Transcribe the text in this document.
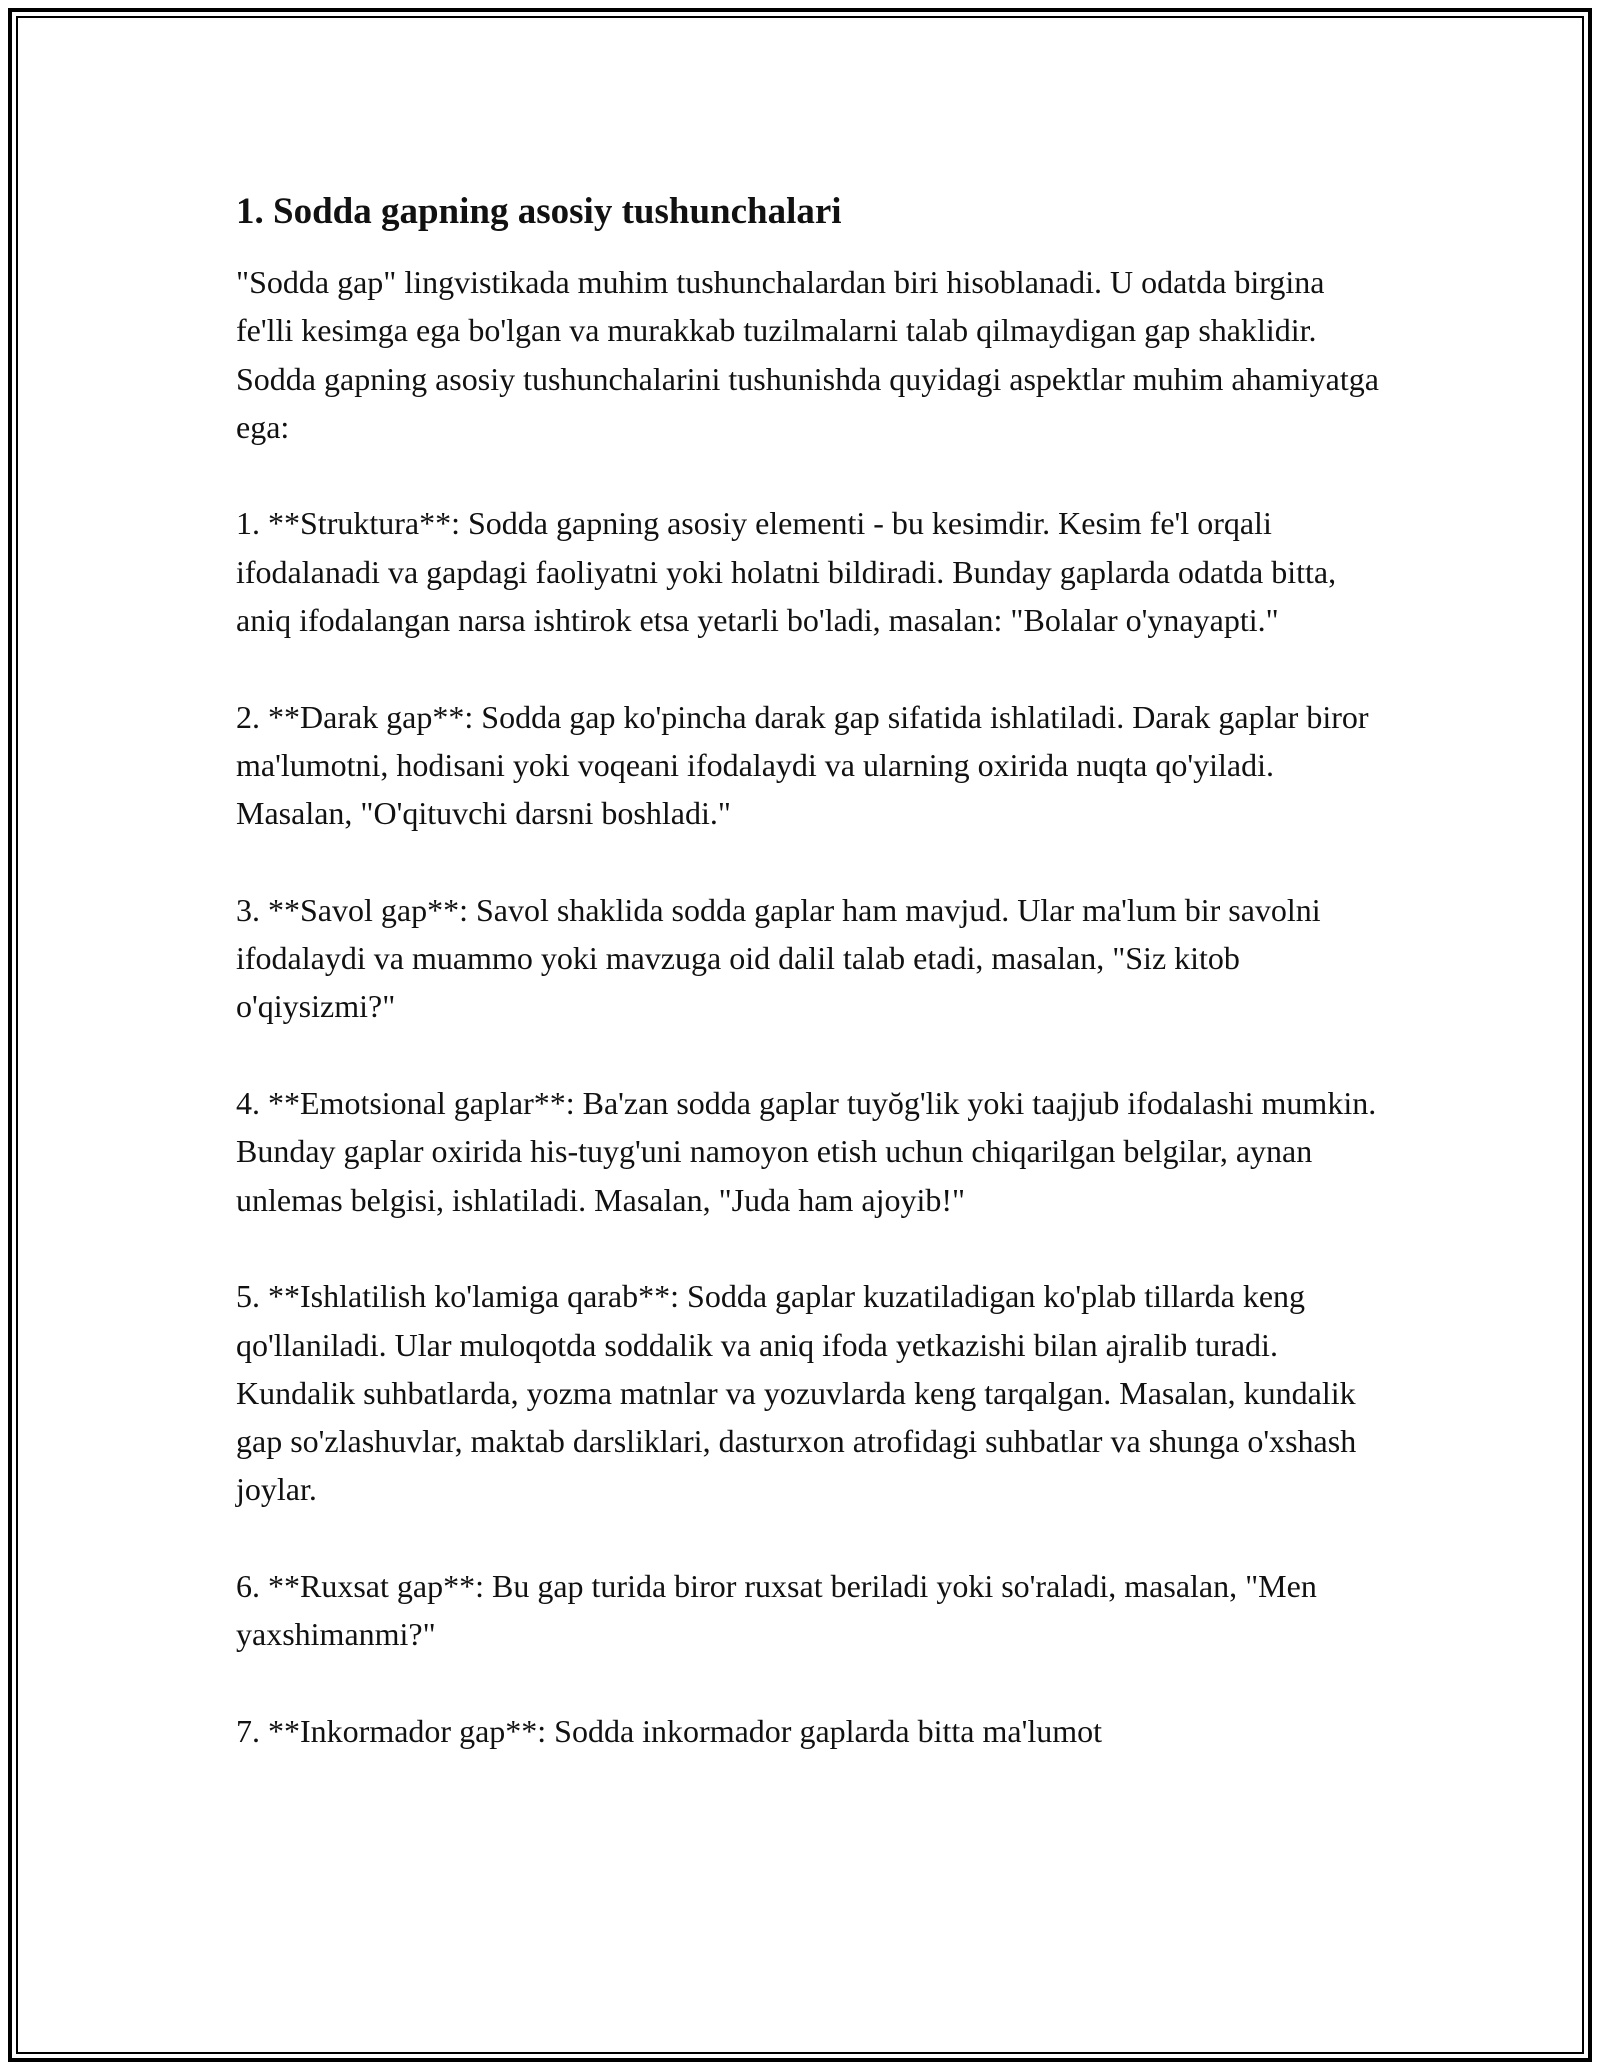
1. Sodda gapning asosiy tushunchalari

"Sodda gap" lingvistikada muhim tushunchalardan biri hisoblanadi. U odatda birgina fe'lli kesimga ega bo'lgan va murakkab tuzilmalarni talab qilmaydigan gap shaklidir. Sodda gapning asosiy tushunchalarini tushunishda quyidagi aspektlar muhim ahamiyatga ega:

1. **Struktura**: Sodda gapning asosiy elementi - bu kesimdir. Kesim fe'l orqali ifodalanadi va gapdagi faoliyatni yoki holatni bildiradi. Bunday gaplarda odatda bitta, aniq ifodalangan narsa ishtirok etsa yetarli bo'ladi, masalan: "Bolalar o'ynayapti."

2. **Darak gap**: Sodda gap ko'pincha darak gap sifatida ishlatiladi. Darak gaplar biror ma'lumotni, hodisani yoki voqeani ifodalaydi va ularning oxirida nuqta qo'yiladi. Masalan, "O'qituvchi darsni boshladi."

3. **Savol gap**: Savol shaklida sodda gaplar ham mavjud. Ular ma'lum bir savolni ifodalaydi va muammo yoki mavzuga oid dalil talab etadi, masalan, "Siz kitob o'qiysizmi?"

4. **Emotsional gaplar**: Ba'zan sodda gaplar tuyŏg'lik yoki taajjub ifodalashi mumkin. Bunday gaplar oxirida his-tuyg'uni namoyon etish uchun chiqarilgan belgilar, aynan unlemas belgisi, ishlatiladi. Masalan, "Juda ham ajoyib!"

5. **Ishlatilish ko'lamiga qarab**: Sodda gaplar kuzatiladigan ko'plab tillarda keng qo'llaniladi. Ular muloqotda soddalik va aniq ifoda yetkazishi bilan ajralib turadi. Kundalik suhbatlarda, yozma matnlar va yozuvlarda keng tarqalgan. Masalan, kundalik gap so'zlashuvlar, maktab darsliklari, dasturxon atrofidagi suhbatlar va shunga o'xshash joylar.

6. **Ruxsat gap**: Bu gap turida biror ruxsat beriladi yoki so'raladi, masalan, "Men yaxshimanmi?"

7. **Inkormador gap**: Sodda inkormador gaplarda bitta ma'lumot
